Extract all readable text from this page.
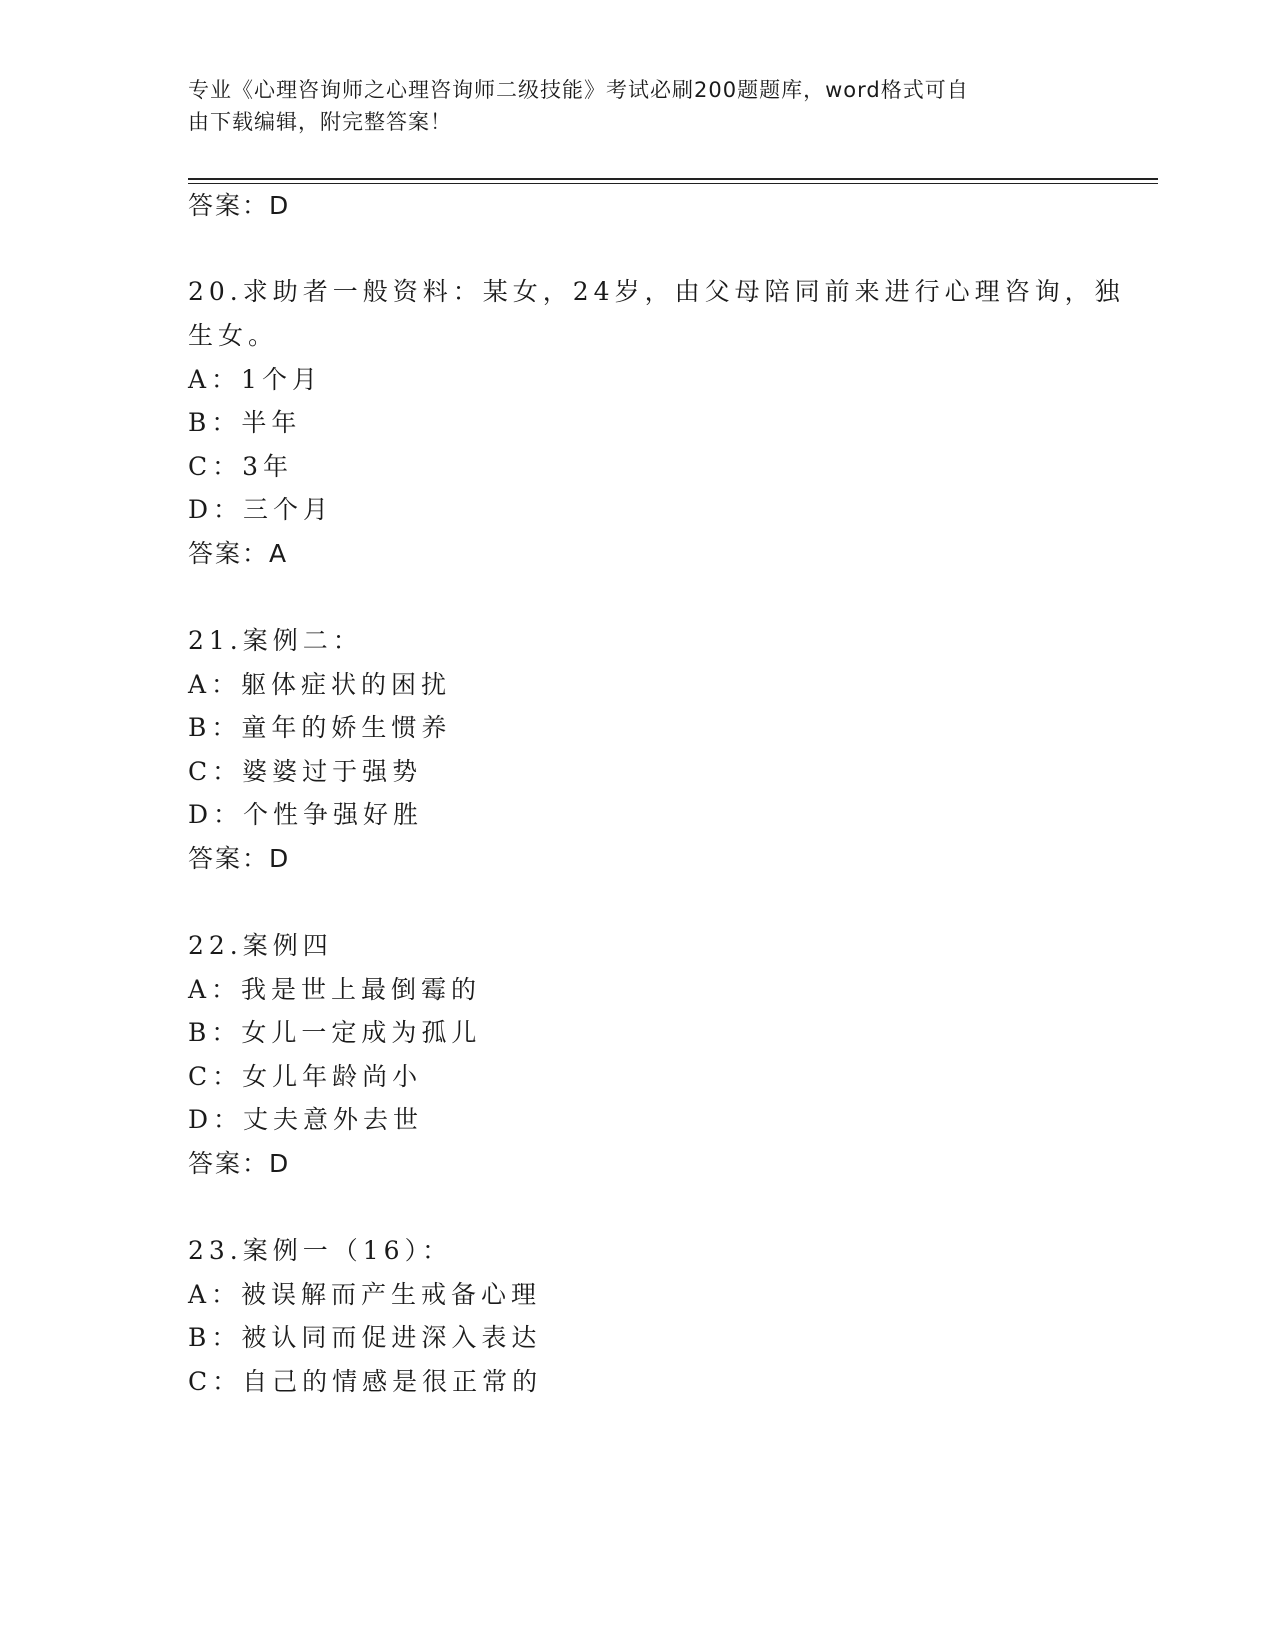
专业《心理咨询师之心理咨询师二级技能》考试必刷200题题库，word格式可自
由下载编辑，附完整答案！
答案：D
20.求助者一般资料：某女，24岁，由父母陪同前来进行心理咨询，独
生女。
A：1个月
B：半年
C：3年
D：三个月
答案：A
21.案例二：
A：躯体症状的困扰
B：童年的娇生惯养
C：婆婆过于强势
D：个性争强好胜
答案：D
22.案例四
A：我是世上最倒霉的
B：女儿一定成为孤儿
C：女儿年龄尚小
D：丈夫意外去世
答案：D
23.案例一（16）：
A：被误解而产生戒备心理
B：被认同而促进深入表达
C：自己的情感是很正常的
